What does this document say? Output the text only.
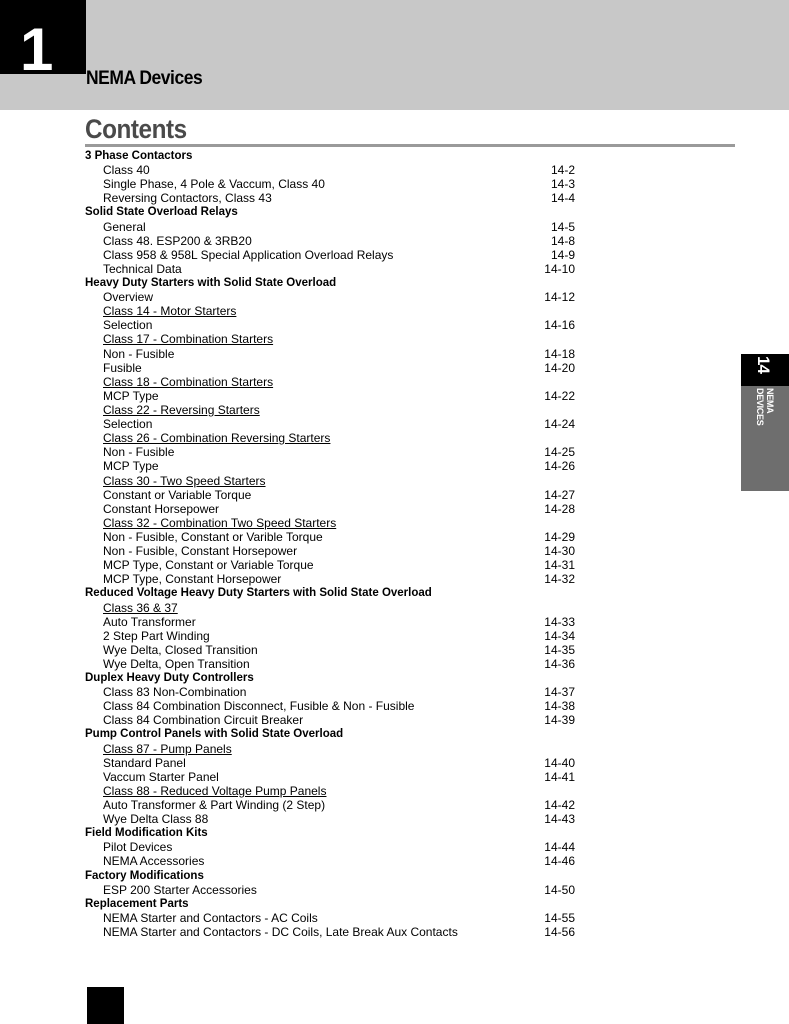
14 NEMA Devices
Contents
3 Phase Contactors
Class 40	14-2
Single Phase, 4 Pole & Vaccum, Class 40	14-3
Reversing Contactors, Class 43	14-4
Solid State Overload Relays
General	14-5
Class 48. ESP200 & 3RB20	14-8
Class 958 & 958L Special Application Overload Relays	14-9
Technical Data	14-10
Heavy Duty Starters with Solid State Overload
Overview	14-12
Class 14 - Motor Starters
Selection	14-16
Class 17 - Combination Starters
Non - Fusible	14-18
Fusible	14-20
Class 18 - Combination Starters
MCP Type	14-22
Class 22 - Reversing Starters
Selection	14-24
Class 26 - Combination Reversing Starters
Non - Fusible	14-25
MCP Type	14-26
Class 30 - Two Speed Starters
Constant or Variable Torque	14-27
Constant Horsepower	14-28
Class 32 - Combination Two Speed Starters
Non - Fusible, Constant or Varible Torque	14-29
Non - Fusible, Constant Horsepower	14-30
MCP Type, Constant or Variable Torque	14-31
MCP Type, Constant Horsepower	14-32
Reduced Voltage Heavy Duty Starters with Solid State Overload
Class 36 & 37
Auto Transformer	14-33
2 Step Part Winding	14-34
Wye Delta, Closed Transition	14-35
Wye Delta, Open Transition	14-36
Duplex Heavy Duty Controllers
Class 83 Non-Combination	14-37
Class 84 Combination Disconnect, Fusible & Non - Fusible	14-38
Class 84 Combination Circuit Breaker	14-39
Pump Control Panels with Solid State Overload
Class 87 - Pump Panels
Standard Panel	14-40
Vaccum Starter Panel	14-41
Class 88 - Reduced Voltage Pump Panels
Auto Transformer & Part Winding (2 Step)	14-42
Wye Delta Class 88	14-43
Field Modification Kits
Pilot Devices	14-44
NEMA Accessories	14-46
Factory Modifications
ESP 200 Starter Accessories	14-50
Replacement Parts
NEMA Starter and Contactors - AC Coils	14-55
NEMA Starter and Contactors - DC Coils, Late Break Aux Contacts	14-56
14
NEMA
DEVICES
